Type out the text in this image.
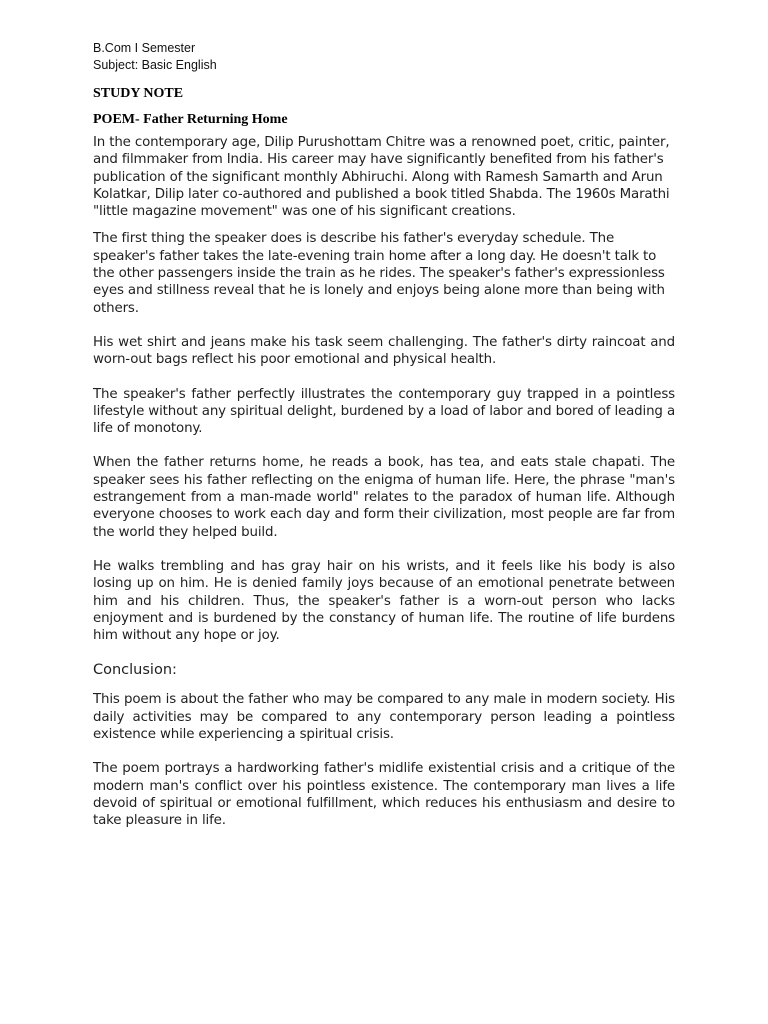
B.Com I Semester

Subject: Basic English

STUDY NOTE

POEM- Father Returning Home

In the contemporary age, Dilip Purushottam Chitre was a renowned poet, critic, painter, and filmmaker from India. His career may have significantly benefited from his father's publication of the significant monthly Abhiruchi. Along with Ramesh Samarth and Arun Kolatkar, Dilip later co-authored and published a book titled Shabda. The 1960s Marathi "little magazine movement" was one of his significant creations.

The first thing the speaker does is describe his father's everyday schedule. The speaker's father takes the late-evening train home after a long day. He doesn't talk to the other passengers inside the train as he rides. The speaker's father's expressionless eyes and stillness reveal that he is lonely and enjoys being alone more than being with others.

His wet shirt and jeans make his task seem challenging. The father's dirty raincoat and worn-out bags reflect his poor emotional and physical health.

The speaker's father perfectly illustrates the contemporary guy trapped in a pointless lifestyle without any spiritual delight, burdened by a load of labor and bored of leading a life of monotony.

When the father returns home, he reads a book, has tea, and eats stale chapati. The speaker sees his father reflecting on the enigma of human life. Here, the phrase "man's estrangement from a man-made world" relates to the paradox of human life. Although everyone chooses to work each day and form their civilization, most people are far from the world they helped build.

He walks trembling and has gray hair on his wrists, and it feels like his body is also losing up on him. He is denied family joys because of an emotional penetrate between him and his children. Thus, the speaker's father is a worn-out person who lacks enjoyment and is burdened by the constancy of human life. The routine of life burdens him without any hope or joy.

Conclusion:

This poem is about the father who may be compared to any male in modern society. His daily activities may be compared to any contemporary person leading a pointless existence while experiencing a spiritual crisis.

The poem portrays a hardworking father's midlife existential crisis and a critique of the modern man's conflict over his pointless existence. The contemporary man lives a life devoid of spiritual or emotional fulfillment, which reduces his enthusiasm and desire to take pleasure in life.
